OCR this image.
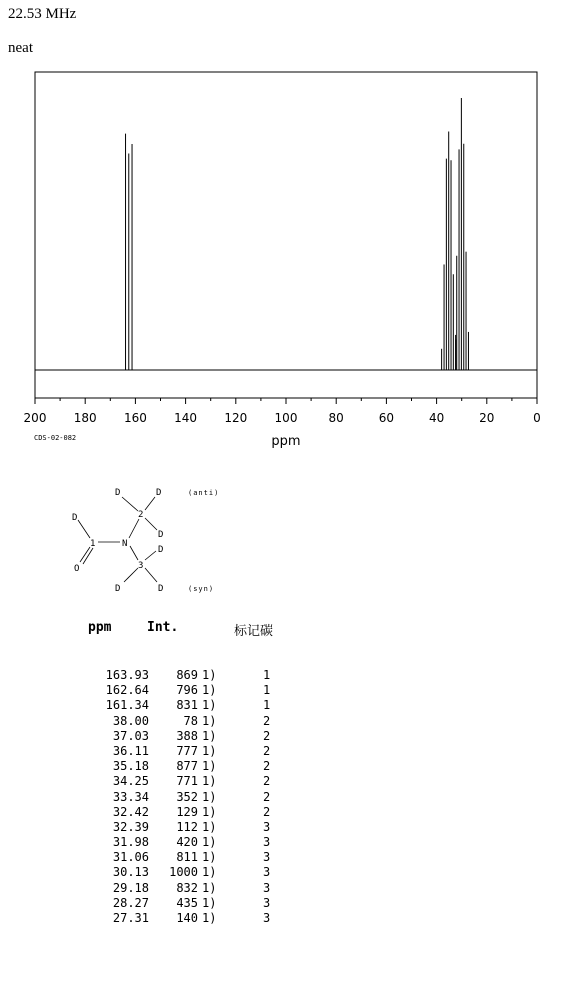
22.53 MHz
neat
200 180 160 140 120 100	80	60	40	20	0
ppm
CDS-02-082
D	D
2
D
D
1	N
D
3
O
D	D
(anti)
(syn)
ppm	Int.	标记碳
163.93 869 1)	1
162.64 796 1)	1
161.34 831 1)	1
38.00	78 1)	2
37.03 388 1)	2
36.11 777 1)	2
35.18 877 1)	2
34.25 771 1)	2
33.34 352 1)	2
32.42 129 1)	2
32.39 112 1)	3
31.98 420 1)	3
31.06 811 1)	3
30.13 1000 1)	3
29.18 832 1)	3
28.27 435 1)	3
27.31 140 1)	3
